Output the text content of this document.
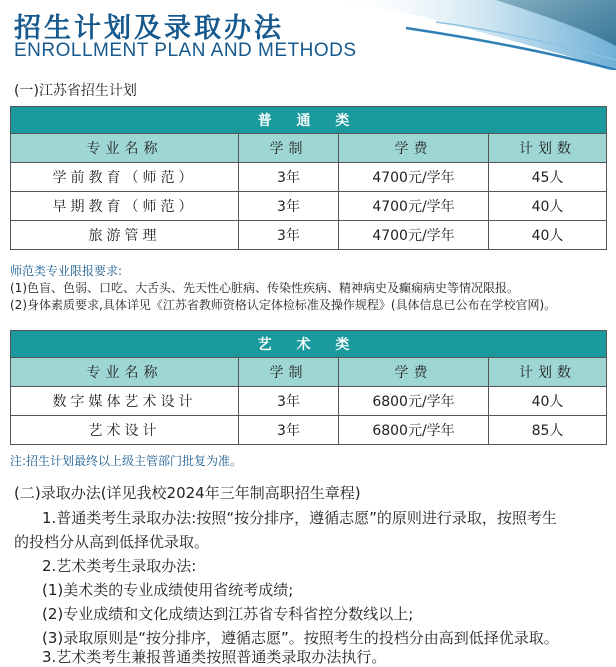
招生计划及录取办法
ENROLLMENT PLAN AND METHODS
(一)江苏省招生计划
普 通 类			
专业名称	学制	学费	计划数
学前教育（师范）	3年	4700元/学年	45人
早期教育（师范）	3年	4700元/学年	40人
旅游管理	3年	4700元/学年	40人
师范类专业限报要求:
(1)色盲、色弱、口吃、大舌头、先天性心脏病、传染性疾病、精神病史及癫痫病史等情况限报。
(2)身体素质要求,具体详见《江苏省教师资格认定体检标准及操作规程》(具体信息已公布在学校官网)。
艺 术 类			
专业名称	学制	学费	计划数
数字媒体艺术设计	3年	6800元/学年	40人
艺术设计	3年	6800元/学年	85人
注:招生计划最终以上级主管部门批复为准。
(二)录取办法(详见我校2024年三年制高职招生章程)
1.普通类考生录取办法:按照“按分排序，遵循志愿”的原则进行录取，按照考生
的投档分从高到低择优录取。
2.艺术类考生录取办法:
(1)美术类的专业成绩使用省统考成绩;
(2)专业成绩和文化成绩达到江苏省专科省控分数线以上;
(3)录取原则是“按分排序，遵循志愿”。按照考生的投档分由高到低择优录取。
3.艺术类考生兼报普通类按照普通类录取办法执行。
